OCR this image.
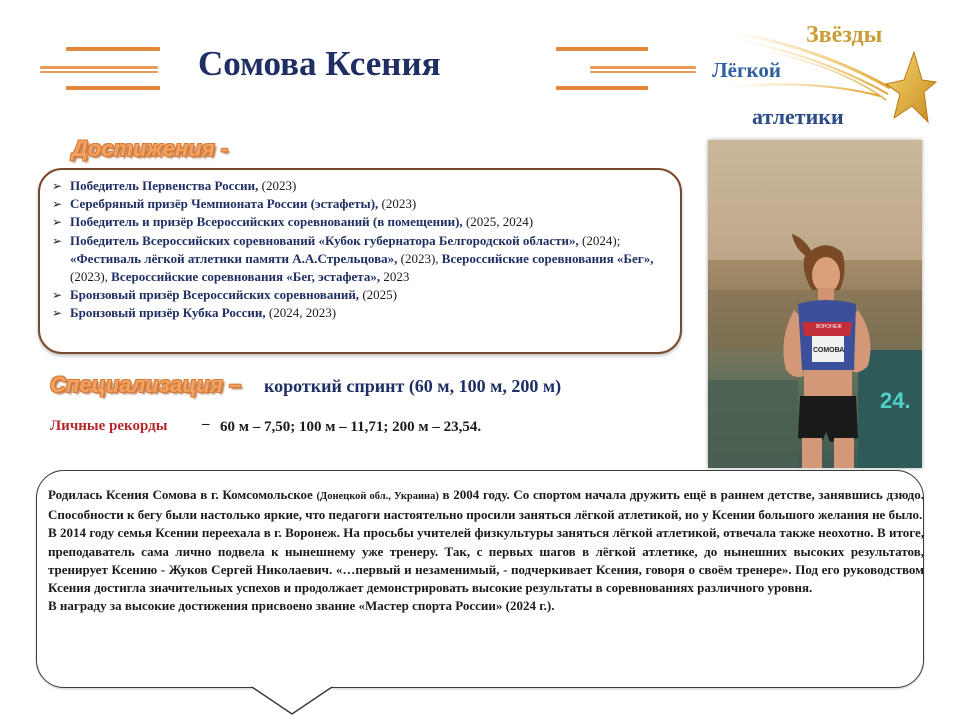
Сомова Ксения
Звёзды
Лёгкой
атлетики
Достижения -
➢ Победитель Первенства России, (2023)
➢ Серебряный призёр Чемпионата России (эстафеты), (2023)
➢ Победитель и призёр Всероссийских соревнований (в помещении), (2025, 2024)
➢ Победитель Всероссийских соревнований «Кубок губернатора Белгородской области», (2024); «Фестиваль лёгкой атлетики памяти А.А.Стрельцова», (2023), Всероссийские соревнования «Бег», (2023), Всероссийские соревнования «Бег, эстафета», 2023
➢ Бронзовый призёр Всероссийских соревнований, (2025)
➢ Бронзовый призёр Кубка России, (2024, 2023)
Специализация – короткий спринт (60 м, 100 м, 200 м)
Личные рекорды – 60 м – 7,50; 100 м – 11,71; 200 м – 23,54.
24.
ВОРОНЕЖ
СОМОВА

Родилась Ксения Сомова в г. Комсомольское (Донецкой обл., Украина) в 2004 году. Со спортом начала дружить ещё в раннем детстве, занявшись дзюдо. Способности к бегу были настолько яркие, что педагоги настоятельно просили заняться лёгкой атлетикой, но у Ксении большого желания не было.

В 2014 году семья Ксении переехала в г. Воронеж. На просьбы учителей физкультуры заняться лёгкой атлетикой, отвечала также неохотно. В итоге, преподаватель сама лично подвела к нынешнему уже тренеру. Так, с первых шагов в лёгкой атлетике, до нынешних высоких результатов, тренирует Ксению - Жуков Сергей Николаевич. «…первый и незаменимый, - подчеркивает Ксения, говоря о своём тренере». Под его руководством Ксения достигла значительных успехов и продолжает демонстрировать высокие результаты в соревнованиях различного уровня.

В награду за высокие достижения присвоено звание «Мастер спорта России» (2024 г.).
